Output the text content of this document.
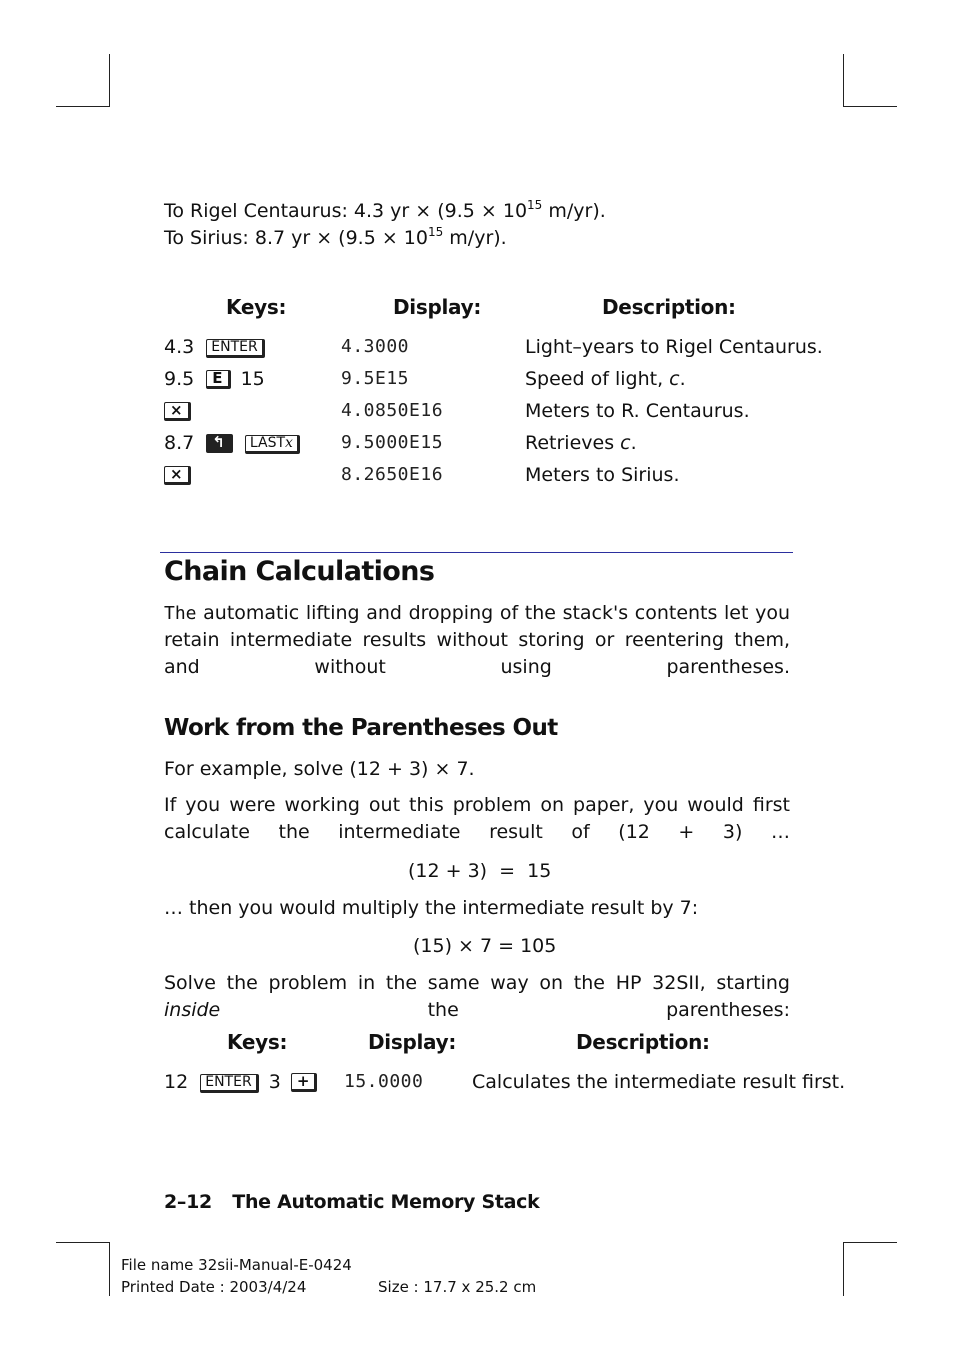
To Rigel Centaurus: 4.3 yr × ($9.5 \times 10^{15}$ m/yr).
To Sirius: 8.7 yr × ($9.5 \times 10^{15}$ m/yr).
Keys:	Display:	Description:
4.3 ENTER	4.3000	Light–years to Rigel Centaurus.
9.5 E 15	9.5E15	Speed of light, c.
×	4.0850E16	Meters to R. Centaurus.
8.7 ↰ LASTx	9.5000E15	Retrieves c.
×	8.2650E16	Meters to Sirius.
Chain Calculations
The automatic lifting and dropping of the stack's contents let you retain intermediate results without storing or reentering them, and without using parentheses.
Work from the Parentheses Out
For example, solve (12 + 3) × 7.
If you were working out this problem on paper, you would first calculate the intermediate result of (12 + 3) …
(12 + 3)  =  15
… then you would multiply the intermediate result by 7:
(15) × 7 = 105
Solve the problem in the same way on the HP 32SII, starting inside the parentheses:
Keys:	Display:	Description:
12 ENTER 3 +	15.0000	Calculates the intermediate result first.
2–12 The Automatic Memory Stack
File name 32sii-Manual-E-0424
Printed Date : 2003/4/24	Size : 17.7 x 25.2 cm
